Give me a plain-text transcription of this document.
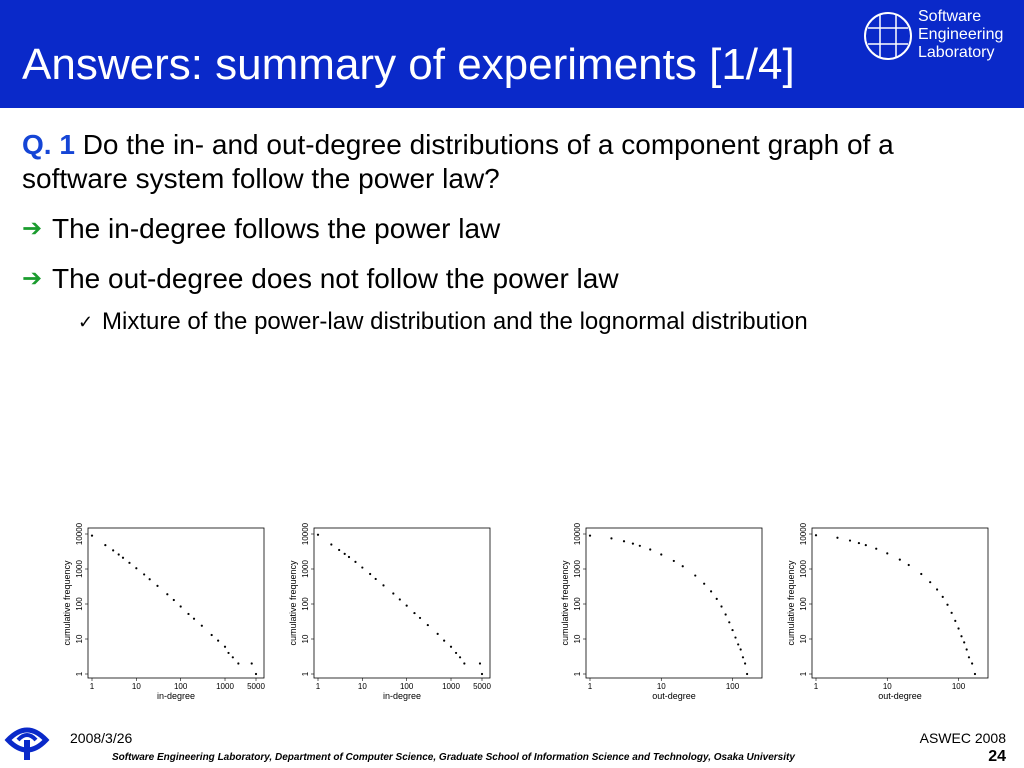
Answers: summary of experiments [1/4]
Software
Engineering
Laboratory
Q. 1 Do the in- and out-degree distributions of a component graph of a software system follow the power law?
➔ The in-degree follows the power law
➔ The out-degree does not follow the power law
✓ Mixture of the power-law distribution and the lognormal distribution
1	10	100	1000 5000
1
10
100
1000
10000
in-degree
cumulative frequency
1	10	100	1000 5000
1
10
100
1000
10000
in-degree
cumulative frequency
1	10	100
1
10
100
1000
10000
out-degree
cumulative frequency
1	10	100
1
10
100
1000
10000
out-degree
cumulative frequency
2008/3/26	ASWEC 2008
24
Software Engineering Laboratory, Department of Computer Science, Graduate School of Information Science and Technology, Osaka University
